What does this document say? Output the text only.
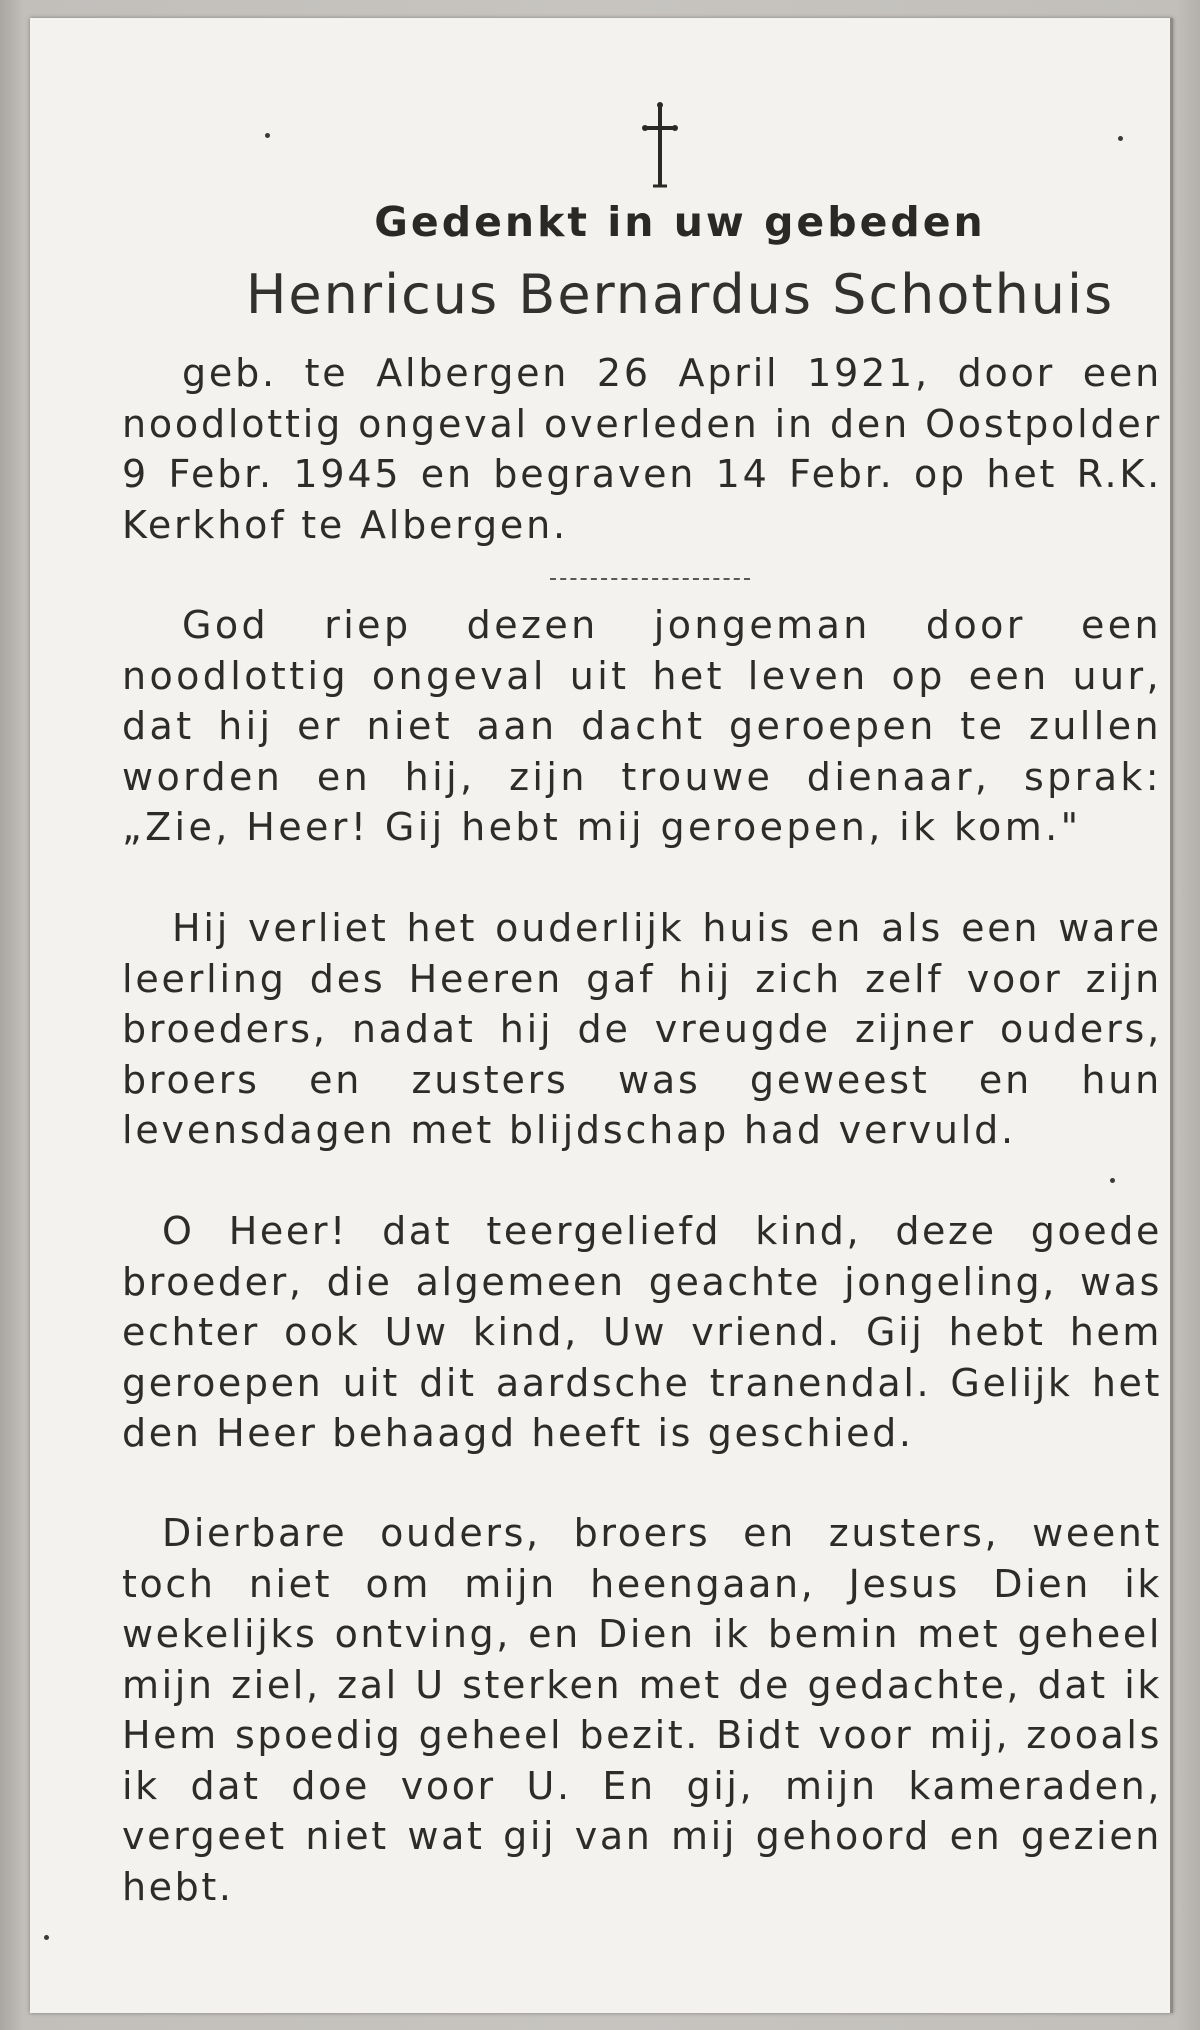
Gedenkt in uw gebeden
Henricus Bernardus Schothuis

geb. te Albergen 26 April 1921, door een noodlottig ongeval overleden in den Oostpolder 9 Febr. 1945 en begraven 14 Febr. op het R.K. Kerkhof te Albergen.

God riep dezen jongeman door een noodlottig ongeval uit het leven op een uur, dat hij er niet aan dacht geroepen te zullen worden en hij, zijn trouwe dienaar, sprak: „Zie, Heer! Gij hebt mij geroepen, ik kom."

Hij verliet het ouderlijk huis en als een ware leerling des Heeren gaf hij zich zelf voor zijn broeders, nadat hij de vreugde zijner ouders, broers en zusters was geweest en hun levensdagen met blijdschap had vervuld.

O Heer! dat teergeliefd kind, deze goede broeder, die algemeen geachte jongeling, was echter ook Uw kind, Uw vriend. Gij hebt hem geroepen uit dit aardsche tranendal. Gelijk het den Heer behaagd heeft is geschied.

Dierbare ouders, broers en zusters, weent toch niet om mijn heengaan, Jesus Dien ik wekelijks ontving, en Dien ik bemin met geheel mijn ziel, zal U sterken met de gedachte, dat ik Hem spoedig geheel bezit. Bidt voor mij, zooals ik dat doe voor U. En gij, mijn kameraden, vergeet niet wat gij van mij gehoord en gezien hebt.
